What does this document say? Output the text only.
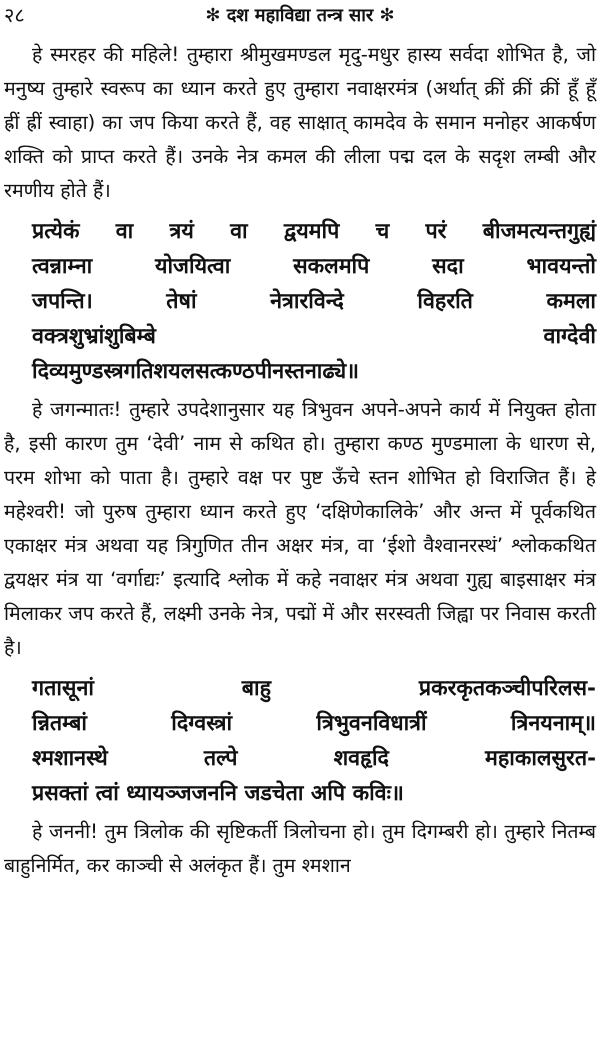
२८	✻ दश महाविद्या तन्त्र सार ✻

हे स्मरहर की महिले! तुम्हारा श्रीमुखमण्डल मृदु-मधुर हास्य सर्वदा शोभित है, जो मनुष्य तुम्हारे स्वरूप का ध्यान करते हुए तुम्हारा नवाक्षरमंत्र (अर्थात् क्रीं क्रीं क्रीं हूँ हूँ ह्रीं ह्रीं स्वाहा) का जप किया करते हैं, वह साक्षात् कामदेव के समान मनोहर आकर्षण शक्ति को प्राप्त करते हैं। उनके नेत्र कमल की लीला पद्म दल के सदृश लम्बी और रमणीय होते हैं।

प्रत्येकं वा त्रयं वा द्वयमपि च परं बीजमत्यन्तगुह्यं
त्वन्नाम्ना योजयित्वा सकलमपि सदा भावयन्तो
जपन्ति। तेषां नेत्रारविन्दे विहरति कमला
वक्त्रशुभ्रांशुबिम्बे वाग्देवी
दिव्यमुण्डस्त्रगतिशयलसत्कण्ठपीनस्तनाढ्ये॥

हे जगन्मातः! तुम्हारे उपदेशानुसार यह त्रिभुवन अपने-अपने कार्य में नियुक्त होता है, इसी कारण तुम ‘देवी’ नाम से कथित हो। तुम्हारा कण्ठ मुण्डमाला के धारण से, परम शोभा को पाता है। तुम्हारे वक्ष पर पुष्ट ऊँचे स्तन शोभित हो विराजित हैं। हे महेश्वरी! जो पुरुष तुम्हारा ध्यान करते हुए ‘दक्षिणेकालिके’ और अन्त में पूर्वकथित एकाक्षर मंत्र अथवा यह त्रिगुणित तीन अक्षर मंत्र, वा ‘ईशो वैश्वानरस्थं’ श्लोककथित द्वयक्षर मंत्र या ‘वर्गाद्यः’ इत्यादि श्लोक में कहे नवाक्षर मंत्र अथवा गुह्य बाइसाक्षर मंत्र मिलाकर जप करते हैं, लक्ष्मी उनके नेत्र, पद्मों में और सरस्वती जिह्वा पर निवास करती है।

गतासूनां बाहु प्रकरकृतकञ्चीपरिलस-
न्नितम्बां दिग्वस्त्रां त्रिभुवनविधात्रीं त्रिनयनाम्॥
श्मशानस्थे तल्पे शवहृदि महाकालसुरत-
प्रसक्तां त्वां ध्यायञ्जजननि जडचेता अपि कविः॥

हे जननी! तुम त्रिलोक की सृष्टिकर्ती त्रिलोचना हो। तुम दिगम्बरी हो। तुम्हारे नितम्ब बाहुनिर्मित, कर काञ्ची से अलंकृत हैं। तुम श्मशान
